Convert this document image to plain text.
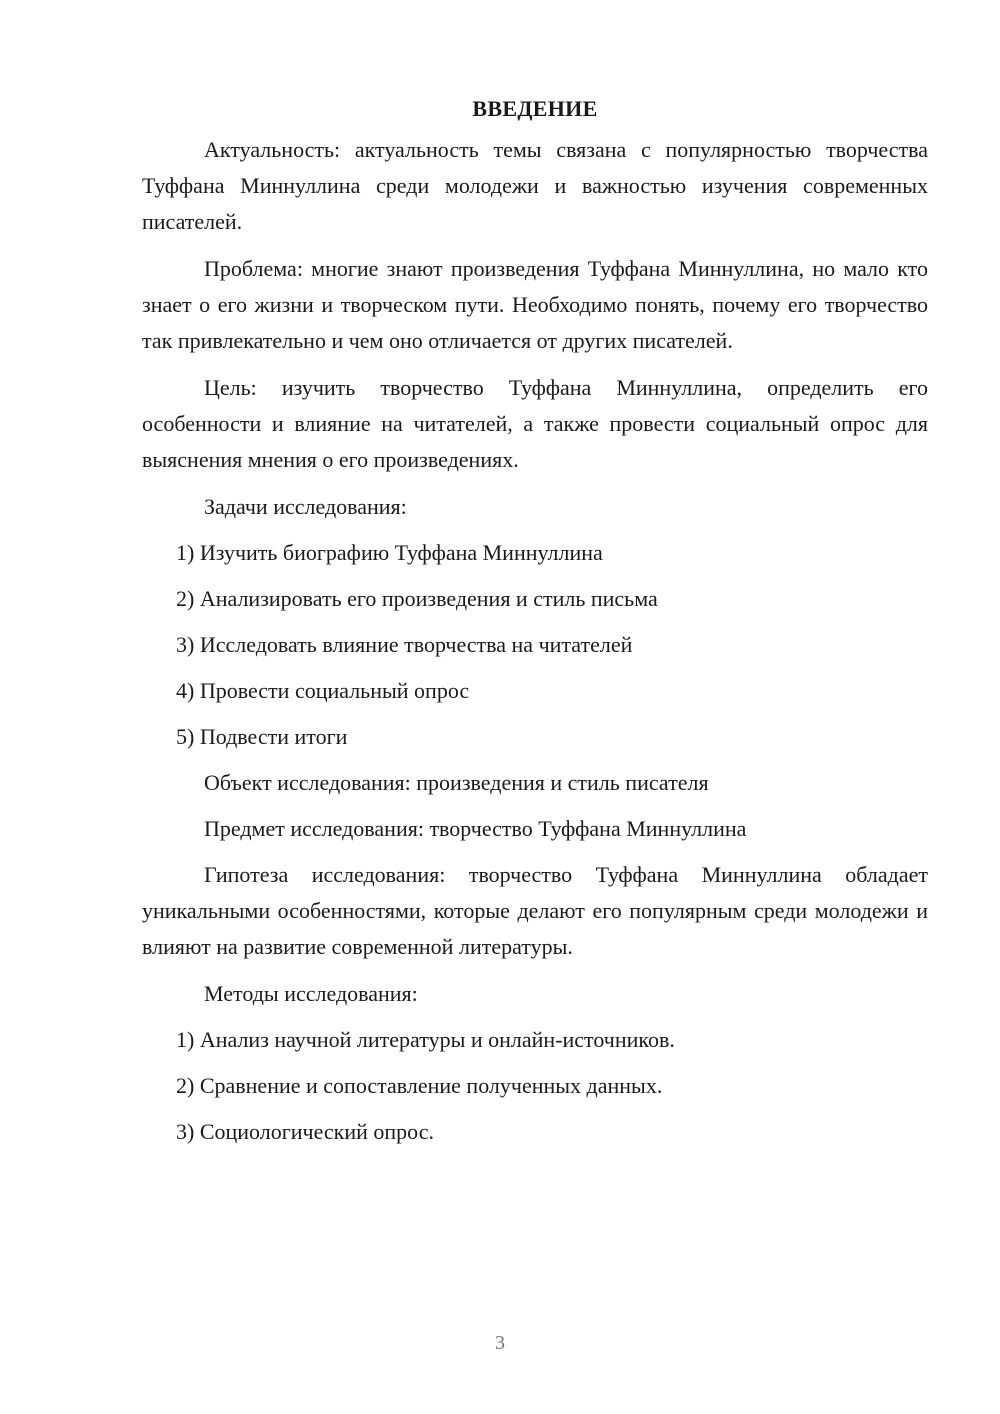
ВВЕДЕНИЕ

Актуальность: актуальность темы связана с популярностью творчества Туффана Миннуллина среди молодежи и важностью изучения современных писателей.

Проблема: многие знают произведения Туффана Миннуллина, но мало кто знает о его жизни и творческом пути. Необходимо понять, почему его творчество так привлекательно и чем оно отличается от других писателей.

Цель: изучить творчество Туффана Миннуллина, определить его особенности и влияние на читателей, а также провести социальный опрос для выяснения мнения о его произведениях.

Задачи исследования:

1) Изучить биографию Туффана Миннуллина

2) Анализировать его произведения и стиль письма

3) Исследовать влияние творчества на читателей

4) Провести социальный опрос

5) Подвести итоги

Объект исследования: произведения и стиль писателя

Предмет исследования: творчество Туффана Миннуллина

Гипотеза исследования: творчество Туффана Миннуллина обладает уникальными особенностями, которые делают его популярным среди молодежи и влияют на развитие современной литературы.

Методы исследования:

1) Анализ научной литературы и онлайн-источников.

2) Сравнение и сопоставление полученных данных.

3) Социологический опрос.

3
